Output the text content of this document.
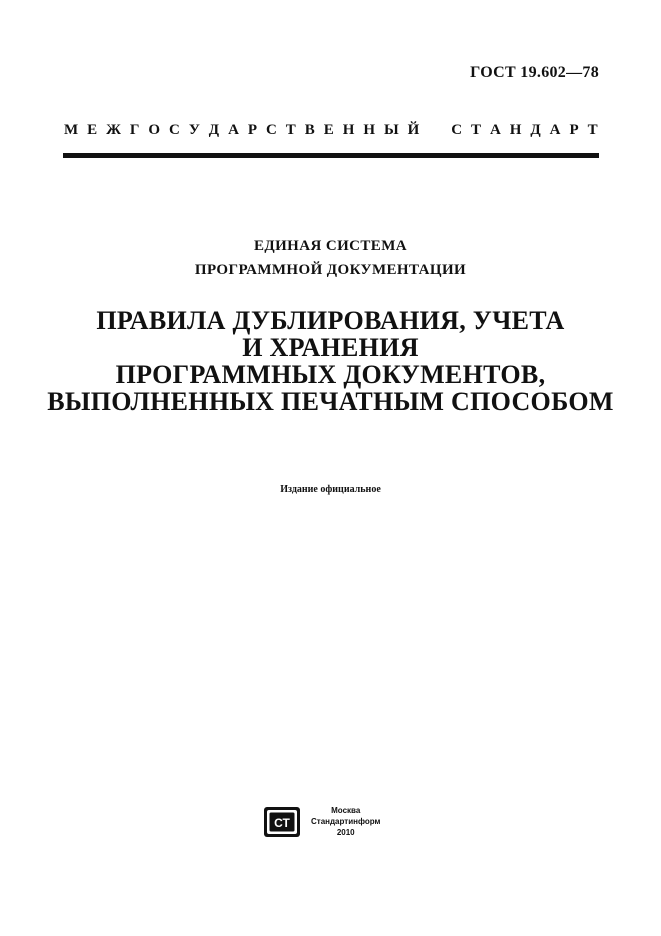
ГОСТ 19.602—78
М Е Ж Г О С У Д А Р С Т В Е Н Н Ы Й С Т А Н Д А Р Т
ЕДИНАЯ СИСТЕМА
ПРОГРАММНОЙ ДОКУМЕНТАЦИИ
ПРАВИЛА ДУБЛИРОВАНИЯ, УЧЕТА
И ХРАНЕНИЯ
ПРОГРАММНЫХ ДОКУМЕНТОВ,
ВЫПОЛНЕННЫХ ПЕЧАТНЫМ СПОСОБОМ
Издание официальное
СТ
Москва
Стандартинформ
2010
